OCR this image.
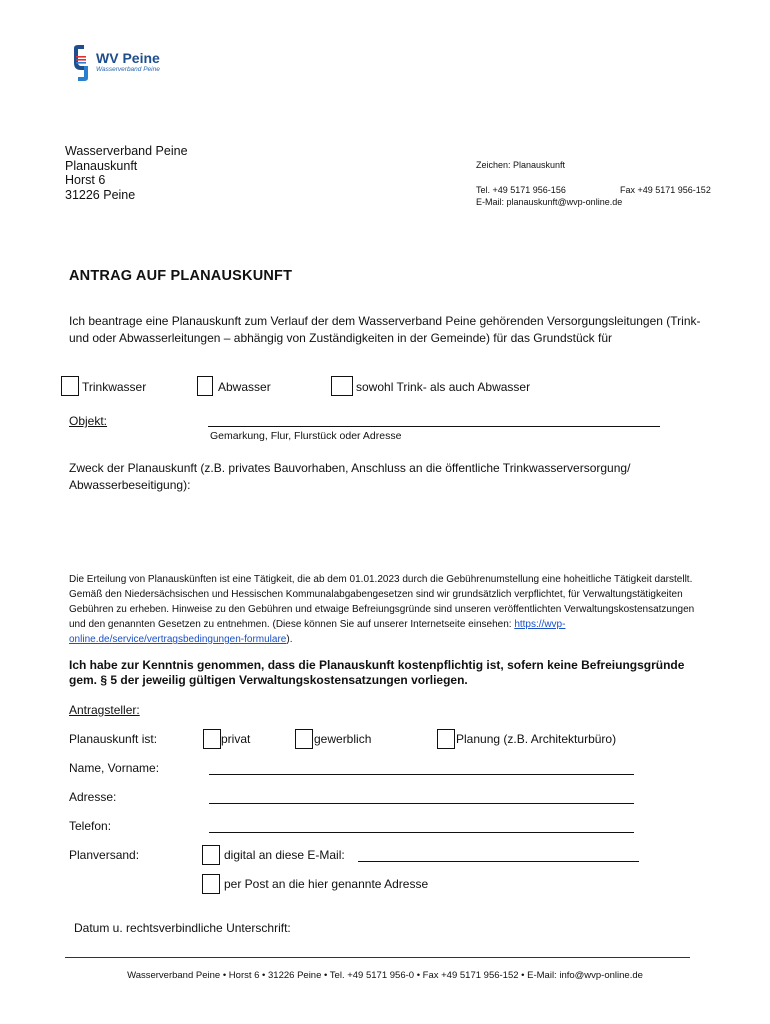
WV Peine
Wasserverband Peine
Wasserverband Peine
Planauskunft
Horst 6
31226 Peine
Zeichen: Planauskunft
Tel. +49 5171 956-156	Fax +49 5171 956-152
E-Mail: planauskunft@wvp-online.de
ANTRAG AUF PLANAUSKUNFT
Ich beantrage eine Planauskunft zum Verlauf der dem Wasserverband Peine gehörenden Versorgungsleitungen (Trink- und oder Abwasserleitungen – abhängig von Zuständigkeiten in der Gemeinde) für das Grundstück für
Trinkwasser	Abwasser	sowohl Trink- als auch Abwasser
Objekt:
Gemarkung, Flur, Flurstück oder Adresse
Zweck der Planauskunft (z.B. privates Bauvorhaben, Anschluss an die öffentliche Trinkwasserversorgung/ Abwasserbeseitigung):
Die Erteilung von Planauskünften ist eine Tätigkeit, die ab dem 01.01.2023 durch die Gebührenumstellung eine hoheitliche Tätigkeit darstellt. Gemäß den Niedersächsischen und Hessischen Kommunalabgabengesetzen sind wir grundsätzlich verpflichtet, für Verwaltungstätigkeiten Gebühren zu erheben. Hinweise zu den Gebühren und etwaige Befreiungsgründe sind unseren veröffentlichten Verwaltungskostensatzungen und den genannten Gesetzen zu entnehmen. (Diese können Sie auf unserer Internetseite einsehen: https://wvp-online.de/service/vertragsbedingungen-formulare).
Ich habe zur Kenntnis genommen, dass die Planauskunft kostenpflichtig ist, sofern keine Befreiungsgründe gem. § 5 der jeweilig gültigen Verwaltungskostensatzungen vorliegen.
Antragsteller:
Planauskunft ist:	privat	gewerblich	Planung (z.B. Architekturbüro)
Name, Vorname:
Adresse:
Telefon:
Planversand:	digital an diese E-Mail:
per Post an die hier genannte Adresse
Datum u. rechtsverbindliche Unterschrift:
Wasserverband Peine • Horst 6 • 31226 Peine • Tel. +49 5171 956-0 • Fax +49 5171 956-152 • E-Mail: info@wvp-online.de
